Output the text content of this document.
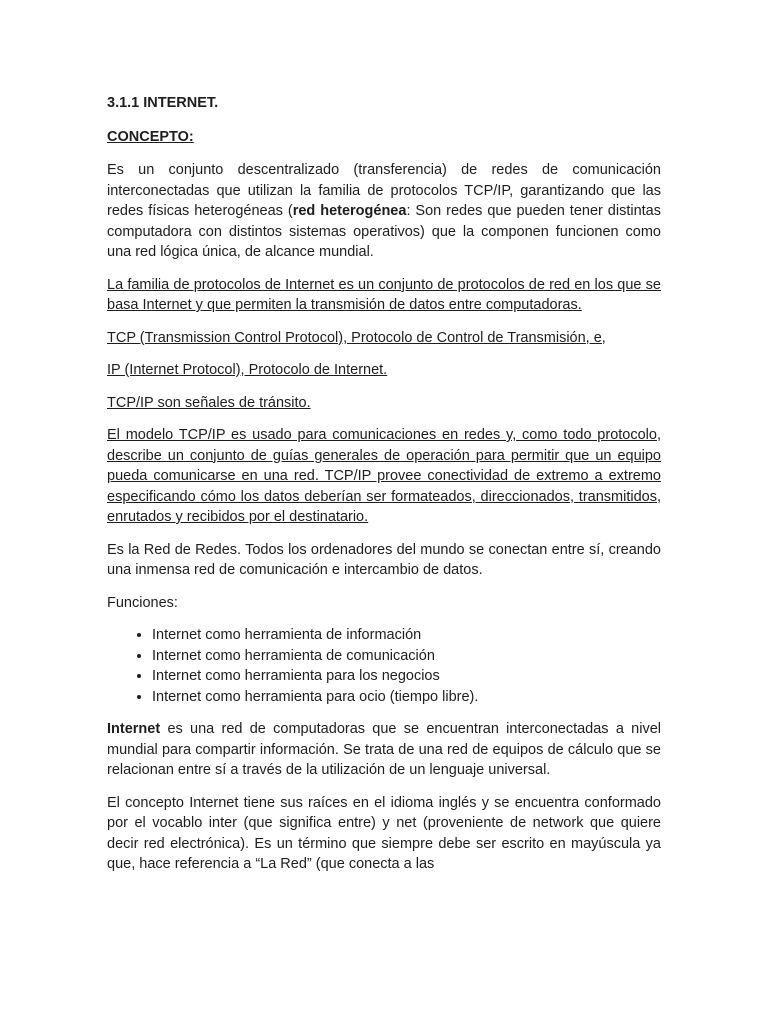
3.1.1 INTERNET.
CONCEPTO:

Es un conjunto descentralizado (transferencia) de redes de comunicación interconectadas que utilizan la familia de protocolos TCP/IP, garantizando que las redes físicas heterogéneas (red heterogénea: Son redes que pueden tener distintas computadora con distintos sistemas operativos) que la componen funcionen como una red lógica única, de alcance mundial.

La familia de protocolos de Internet es un conjunto de protocolos de red en los que se basa Internet y que permiten la transmisión de datos entre computadoras.

TCP (Transmission Control Protocol), Protocolo de Control de Transmisión, e,

IP (Internet Protocol), Protocolo de Internet.

TCP/IP son señales de tránsito.

El modelo TCP/IP es usado para comunicaciones en redes y, como todo protocolo, describe un conjunto de guías generales de operación para permitir que un equipo pueda comunicarse en una red. TCP/IP provee conectividad de extremo a extremo especificando cómo los datos deberían ser formateados, direccionados, transmitidos, enrutados y recibidos por el destinatario.

Es la Red de Redes. Todos los ordenadores del mundo se conectan entre sí, creando una inmensa red de comunicación e intercambio de datos.

Funciones:

• Internet como herramienta de información
• Internet como herramienta de comunicación
• Internet como herramienta para los negocios
• Internet como herramienta para ocio (tiempo libre).

Internet es una red de computadoras que se encuentran interconectadas a nivel mundial para compartir información. Se trata de una red de equipos de cálculo que se relacionan entre sí a través de la utilización de un lenguaje universal.

El concepto Internet tiene sus raíces en el idioma inglés y se encuentra conformado por el vocablo inter (que significa entre) y net (proveniente de network que quiere decir red electrónica). Es un término que siempre debe ser escrito en mayúscula ya que, hace referencia a “La Red” (que conecta a las
